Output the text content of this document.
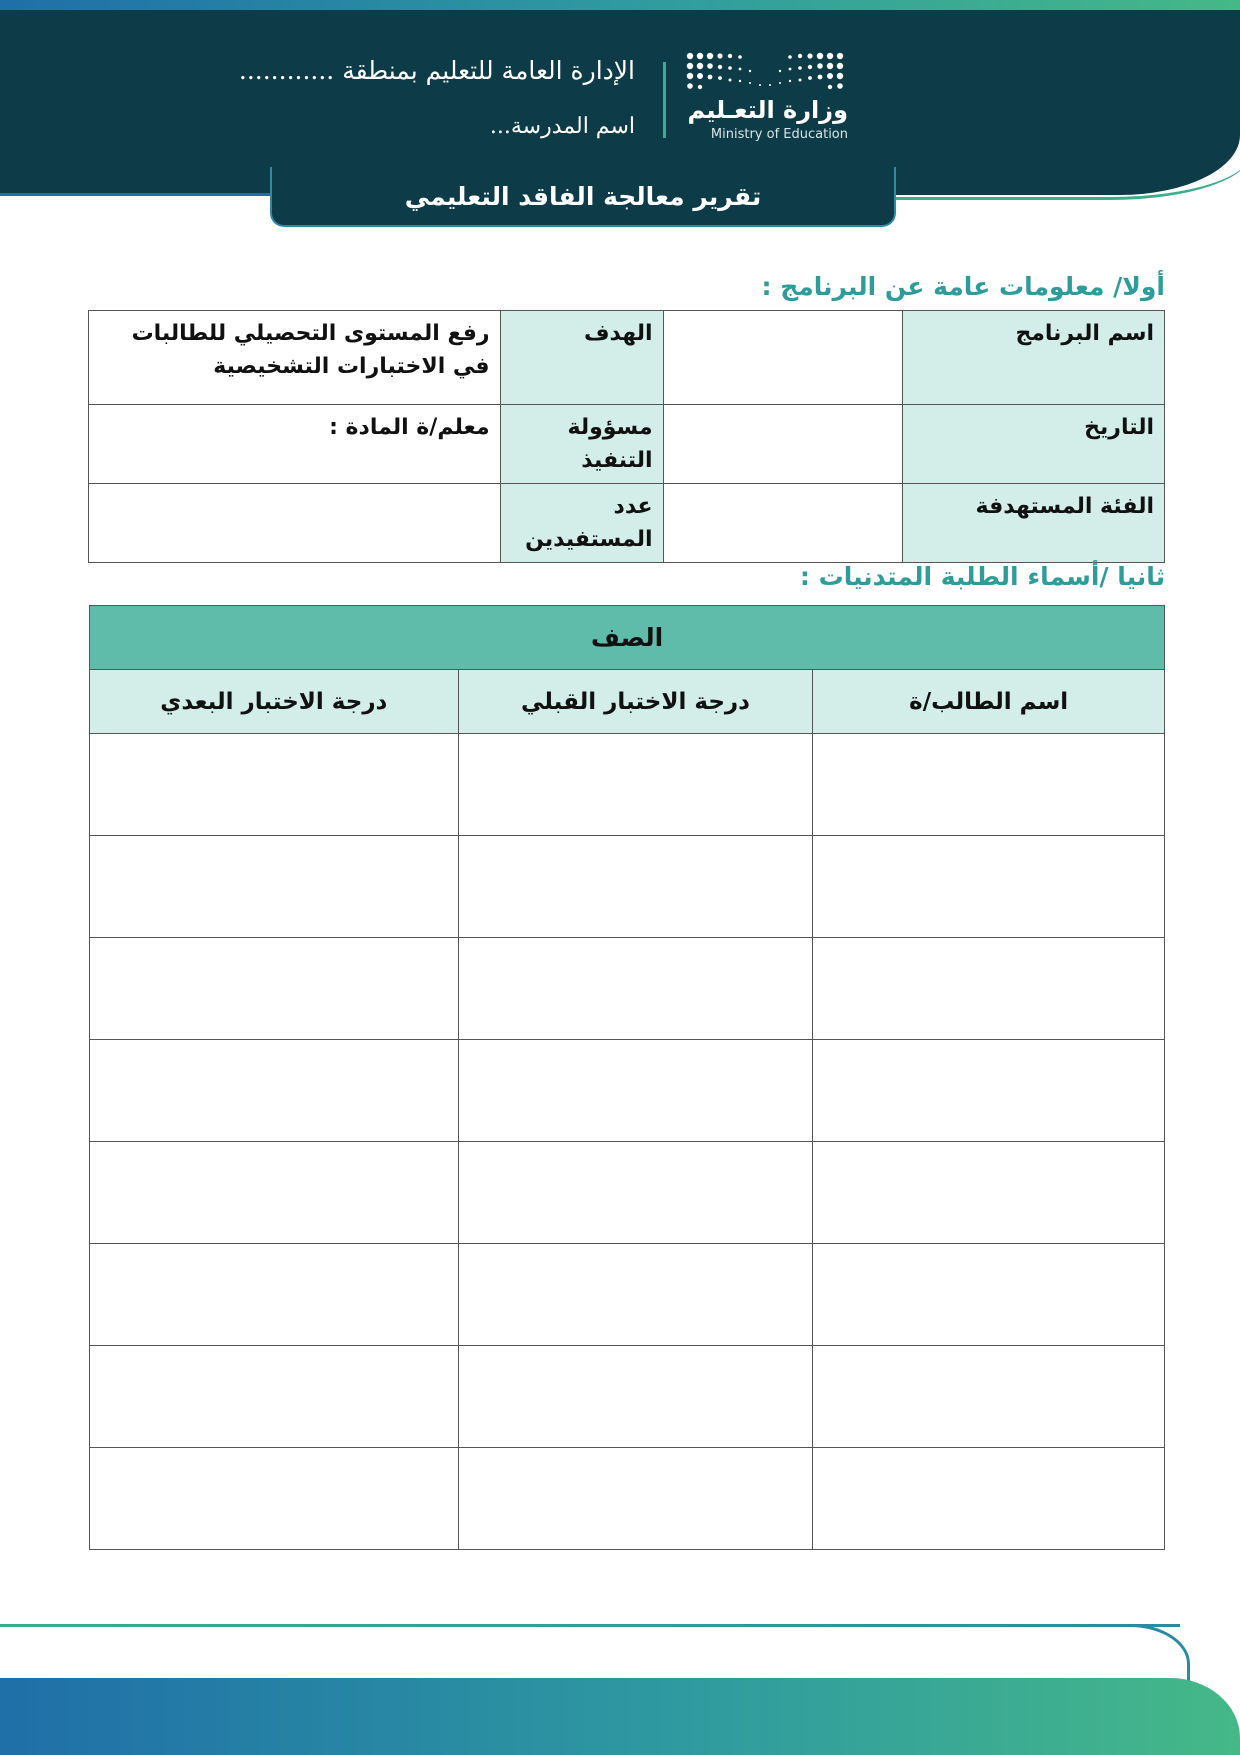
وزارة التعـليم
Ministry of Education
الإدارة العامة للتعليم بمنطقة ............
اسم المدرسة...
تقرير معالجة الفاقد التعليمي
أولا/ معلومات عامة عن البرنامج :
اسم البرنامج		الهدف	رفع المستوى التحصيلي للطالبات في الاختبارات التشخيصية
التاريخ		مسؤولة التنفيذ	معلم/ة المادة :
الفئة المستهدفة		عدد المستفيدين	
ثانيا /أسماء الطلبة المتدنيات :
الصف		
اسم الطالب/ة	درجة الاختبار القبلي	درجة الاختبار البعدي
